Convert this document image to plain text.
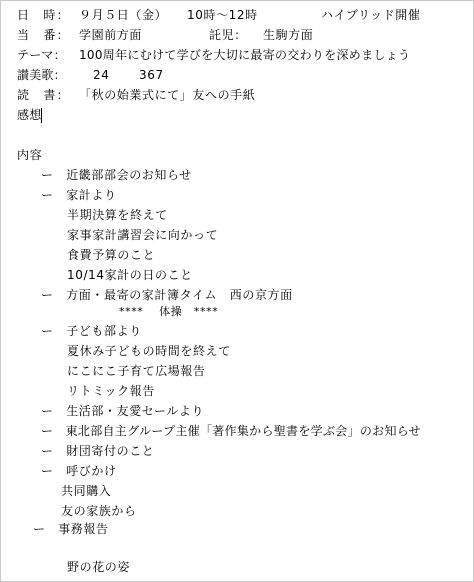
日　時： ９月５日（金） 10時～12時	ハイブリッド開催
当　番： 学園前方面	託児： 生駒方面
テーマ： 100周年にむけて学びを大切に最寄の交わりを深めましょう
讃美歌： 24 367
読　書： 「秋の始業式にて」友への手紙
感想
内容
ー　近畿部部会のお知らせ
ー　家計より
半期決算を終えて
家事家計講習会に向かって
食費予算のこと
10/14家計の日のこと
ー　方面・最寄の家計簿タイム　西の京方面
****　 体操　****
ー　子ども部より
夏休み子どもの時間を終えて
にこにこ子育て広場報告
リトミック報告
ー　生活部・友愛セールより
ー　東北部自主グループ主催「著作集から聖書を学ぶ会」のお知らせ
ー　財団寄付のこと
ー　呼びかけ
共同購入
友の家族から
ー　事務報告
野の花の姿
